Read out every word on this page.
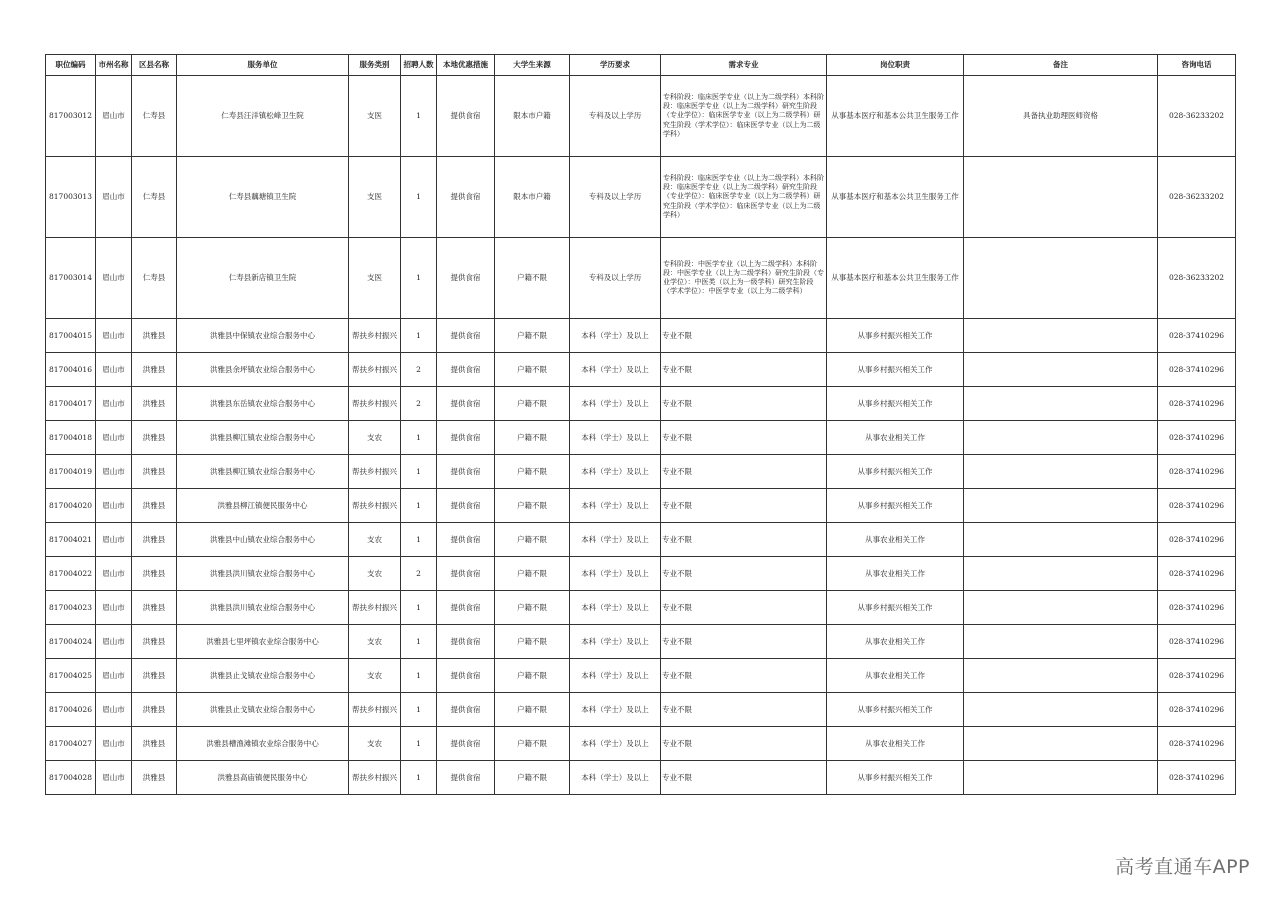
职位编码	市州名称	区县名称	服务单位	服务类别	招聘人数	本地优惠措施	大学生来源	学历要求	需求专业	岗位职责	备注	咨询电话
817003012	眉山市	仁寿县	仁寿县汪洋镇松峰卫生院	支医	1	提供食宿	限本市户籍	专科及以上学历	专科阶段：临床医学专业（以上为二级学科）本科阶段：临床医学专业（以上为二级学科）研究生阶段（专业学位）：临床医学专业（以上为二级学科）研究生阶段（学术学位）：临床医学专业（以上为二级学科）	从事基本医疗和基本公共卫生服务工作	具备执业助理医师资格	028-36233202
817003013	眉山市	仁寿县	仁寿县藕塘镇卫生院	支医	1	提供食宿	限本市户籍	专科及以上学历	专科阶段：临床医学专业（以上为二级学科）本科阶段：临床医学专业（以上为二级学科）研究生阶段（专业学位）：临床医学专业（以上为二级学科）研究生阶段（学术学位）：临床医学专业（以上为二级学科）	从事基本医疗和基本公共卫生服务工作		028-36233202
817003014	眉山市	仁寿县	仁寿县新店镇卫生院	支医	1	提供食宿	户籍不限	专科及以上学历	专科阶段：中医学专业（以上为二级学科）本科阶段：中医学专业（以上为二级学科）研究生阶段（专业学位）：中医类（以上为一级学科）研究生阶段（学术学位）：中医学专业（以上为二级学科）	从事基本医疗和基本公共卫生服务工作		028-36233202
817004015	眉山市	洪雅县	洪雅县中保镇农业综合服务中心	帮扶乡村振兴	1	提供食宿	户籍不限	本科（学士）及以上	专业不限	从事乡村振兴相关工作		028-37410296
817004016	眉山市	洪雅县	洪雅县余坪镇农业综合服务中心	帮扶乡村振兴	2	提供食宿	户籍不限	本科（学士）及以上	专业不限	从事乡村振兴相关工作		028-37410296
817004017	眉山市	洪雅县	洪雅县东岳镇农业综合服务中心	帮扶乡村振兴	2	提供食宿	户籍不限	本科（学士）及以上	专业不限	从事乡村振兴相关工作		028-37410296
817004018	眉山市	洪雅县	洪雅县柳江镇农业综合服务中心	支农	1	提供食宿	户籍不限	本科（学士）及以上	专业不限	从事农业相关工作		028-37410296
817004019	眉山市	洪雅县	洪雅县柳江镇农业综合服务中心	帮扶乡村振兴	1	提供食宿	户籍不限	本科（学士）及以上	专业不限	从事乡村振兴相关工作		028-37410296
817004020	眉山市	洪雅县	洪雅县柳江镇便民服务中心	帮扶乡村振兴	1	提供食宿	户籍不限	本科（学士）及以上	专业不限	从事乡村振兴相关工作		028-37410296
817004021	眉山市	洪雅县	洪雅县中山镇农业综合服务中心	支农	1	提供食宿	户籍不限	本科（学士）及以上	专业不限	从事农业相关工作		028-37410296
817004022	眉山市	洪雅县	洪雅县洪川镇农业综合服务中心	支农	2	提供食宿	户籍不限	本科（学士）及以上	专业不限	从事农业相关工作		028-37410296
817004023	眉山市	洪雅县	洪雅县洪川镇农业综合服务中心	帮扶乡村振兴	1	提供食宿	户籍不限	本科（学士）及以上	专业不限	从事乡村振兴相关工作		028-37410296
817004024	眉山市	洪雅县	洪雅县七里坪镇农业综合服务中心	支农	1	提供食宿	户籍不限	本科（学士）及以上	专业不限	从事农业相关工作		028-37410296
817004025	眉山市	洪雅县	洪雅县止戈镇农业综合服务中心	支农	1	提供食宿	户籍不限	本科（学士）及以上	专业不限	从事农业相关工作		028-37410296
817004026	眉山市	洪雅县	洪雅县止戈镇农业综合服务中心	帮扶乡村振兴	1	提供食宿	户籍不限	本科（学士）及以上	专业不限	从事乡村振兴相关工作		028-37410296
817004027	眉山市	洪雅县	洪雅县槽渔滩镇农业综合服务中心	支农	1	提供食宿	户籍不限	本科（学士）及以上	专业不限	从事农业相关工作		028-37410296
817004028	眉山市	洪雅县	洪雅县高庙镇便民服务中心	帮扶乡村振兴	1	提供食宿	户籍不限	本科（学士）及以上	专业不限	从事乡村振兴相关工作		028-37410296
高考直通车APP
